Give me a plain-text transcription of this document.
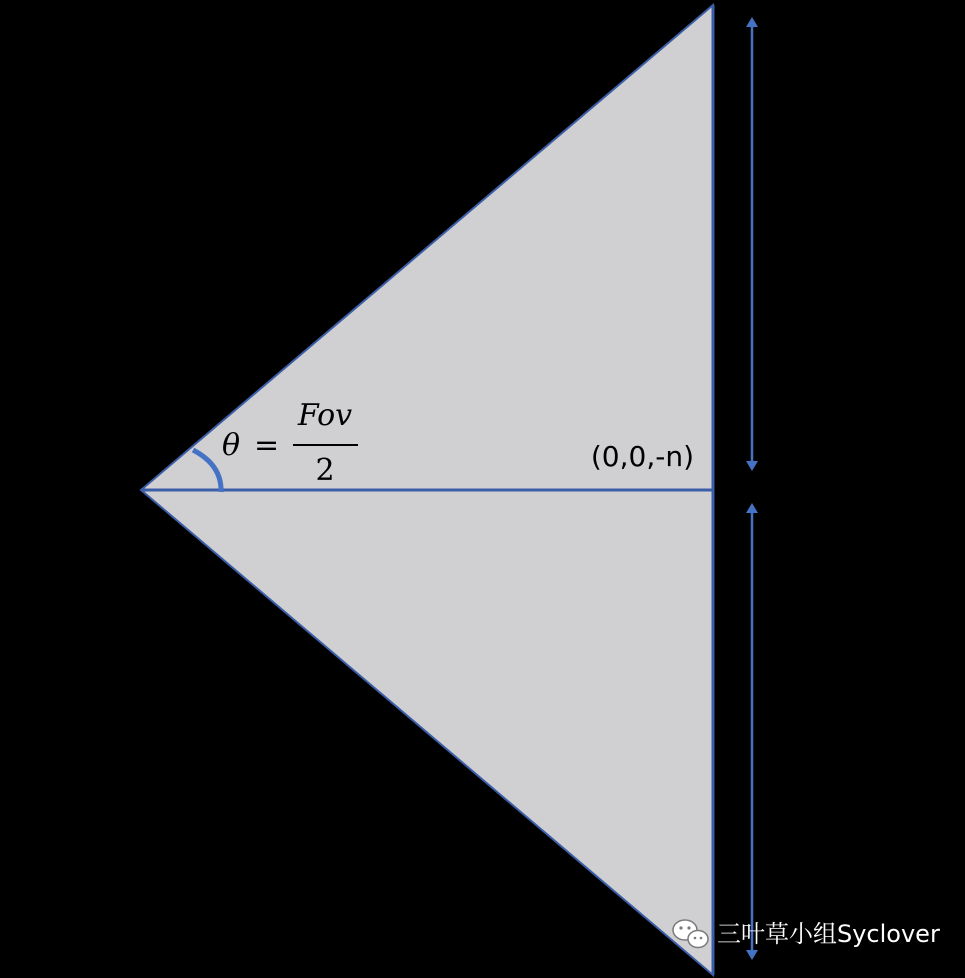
θ =
Fov
2	(0,0,-n)
三叶草小组Syclover
